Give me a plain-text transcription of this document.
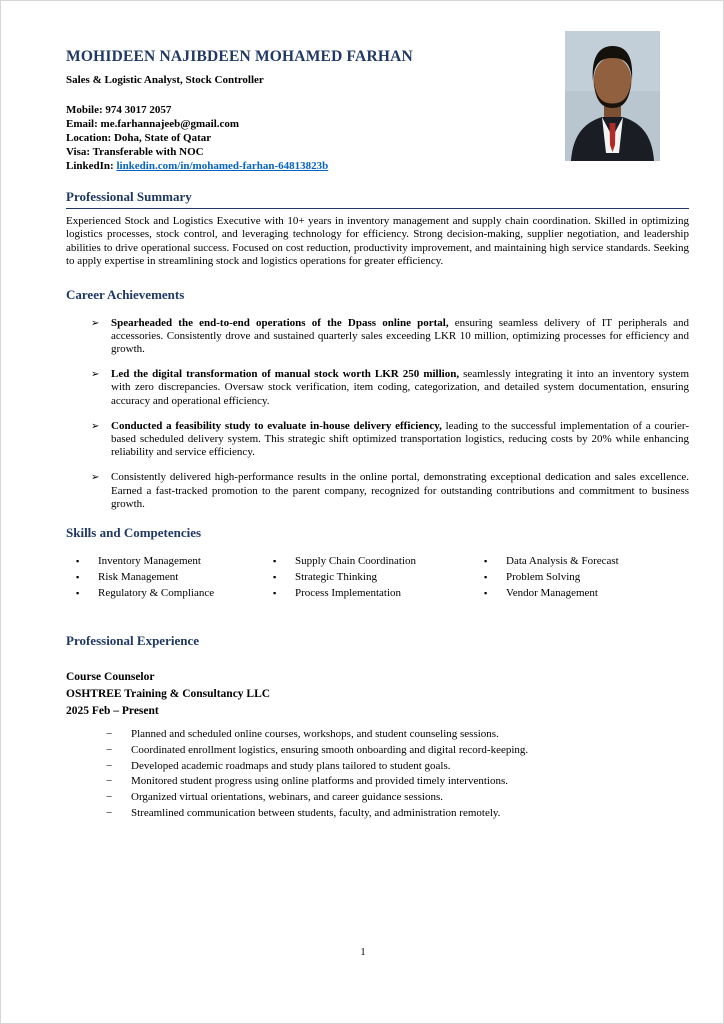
MOHIDEEN NAJIBDEEN MOHAMED FARHAN
Sales & Logistic Analyst, Stock Controller
Mobile: 974 3017 2057
Email: me.farhannajeeb@gmail.com
Location: Doha, State of Qatar
Visa: Transferable with NOC
LinkedIn: linkedin.com/in/mohamed-farhan-64813823b
Professional Summary

Experienced Stock and Logistics Executive with 10+ years in inventory management and supply chain coordination. Skilled in optimizing logistics processes, stock control, and leveraging technology for efficiency. Strong decision-making, supplier negotiation, and leadership abilities to drive operational success. Focused on cost reduction, productivity improvement, and maintaining high service standards. Seeking to apply expertise in streamlining stock and logistics operations for greater efficiency.

Career Achievements
➢	Spearheaded the end-to-end operations of the Dpass online portal, ensuring seamless delivery of IT peripherals and accessories. Consistently drove and sustained quarterly sales exceeding LKR 10 million, optimizing processes for efficiency and growth.
➢	Led the digital transformation of manual stock worth LKR 250 million, seamlessly integrating it into an inventory system with zero discrepancies. Oversaw stock verification, item coding, categorization, and detailed system documentation, ensuring accuracy and operational efficiency.
➢	Conducted a feasibility study to evaluate in-house delivery efficiency, leading to the successful implementation of a courier-based scheduled delivery system. This strategic shift optimized transportation logistics, reducing costs by 20% while enhancing reliability and service efficiency.
➢	Consistently delivered high-performance results in the online portal, demonstrating exceptional dedication and sales excellence. Earned a fast-tracked promotion to the parent company, recognized for outstanding contributions and commitment to business growth.
Skills and Competencies
▪	Inventory Management
▪	Risk Management
▪	Regulatory & Compliance
▪	Supply Chain Coordination
▪	Strategic Thinking
▪	Process Implementation
▪	Data Analysis & Forecast
▪	Problem Solving
▪	Vendor Management
Professional Experience
Course Counselor
OSHTREE Training & Consultancy LLC
2025 Feb – Present
−	Planned and scheduled online courses, workshops, and student counseling sessions.
−	Coordinated enrollment logistics, ensuring smooth onboarding and digital record-keeping.
−	Developed academic roadmaps and study plans tailored to student goals.
−	Monitored student progress using online platforms and provided timely interventions.
−	Organized virtual orientations, webinars, and career guidance sessions.
−	Streamlined communication between students, faculty, and administration remotely.
1
